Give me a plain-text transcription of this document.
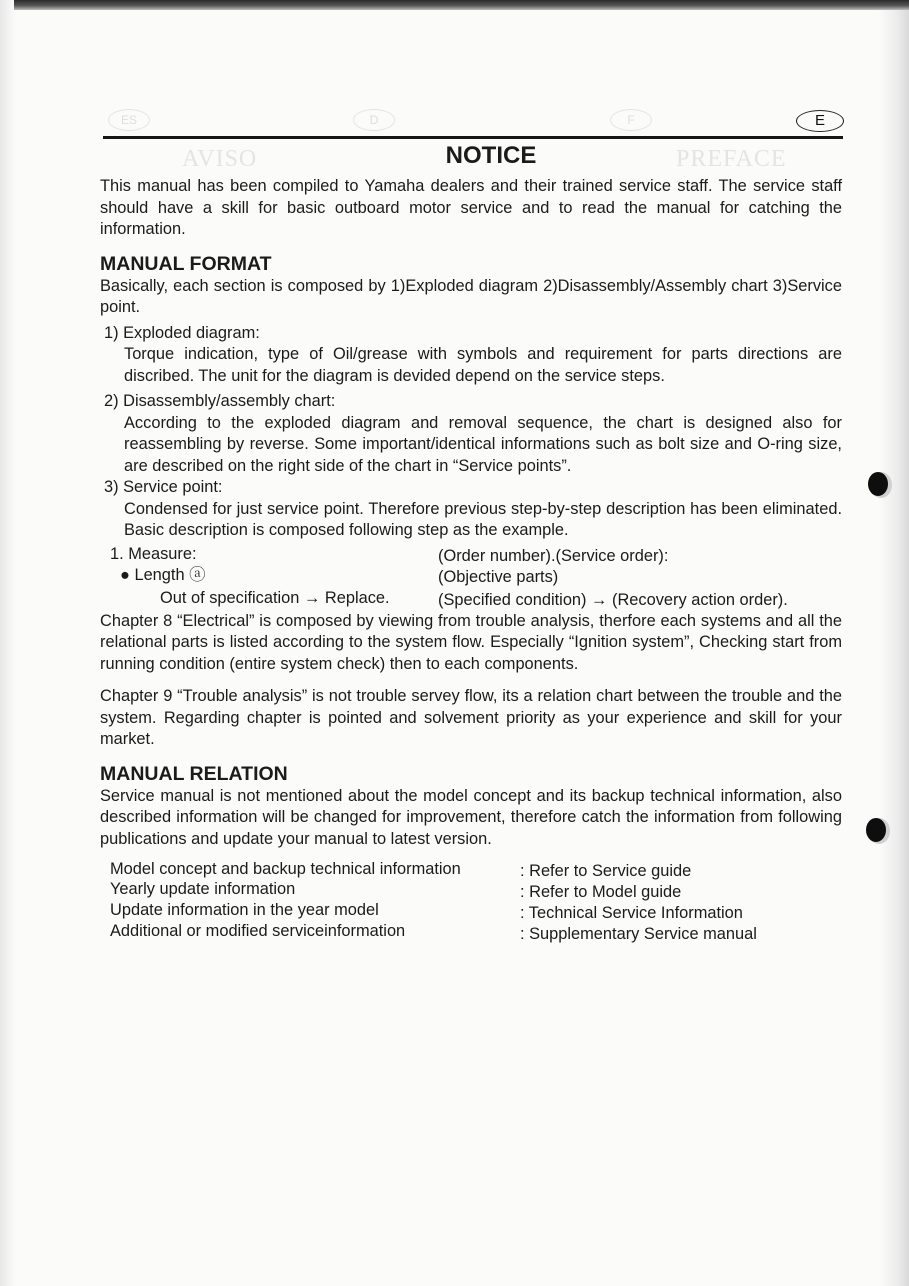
ES	D	F	E
AVISO	PREFACE
NOTICE

This manual has been compiled to Yamaha dealers and their trained service staff. The service staff should have a skill for basic outboard motor service and to read the manual for catching the information.

MANUAL FORMAT

Basically, each section is composed by 1)Exploded diagram 2)Disassembly/Assembly chart 3)Service point.

1) Exploded diagram:
Torque indication, type of Oil/grease with symbols and requirement for parts directions are discribed. The unit for the diagram is devided depend on the service steps.
2) Disassembly/assembly chart:
According to the exploded diagram and removal sequence, the chart is designed also for reassembling by reverse. Some important/identical informations such as bolt size and O-ring size, are described on the right side of the chart in “Service points”.
3) Service point:
Condensed for just service point. Therefore previous step-by-step description has been eliminated. Basic description is composed following step as the example.
1. Measure:	(Order number).(Service order):
● Length ⓐ	(Objective parts)
Out of specification → Replace.	(Specified condition) → (Recovery action order).

Chapter 8 “Electrical” is composed by viewing from trouble analysis, therfore each systems and all the relational parts is listed according to the system flow. Especially “Ignition system”, Checking start from running condition (entire system check) then to each components.

Chapter 9 “Trouble analysis” is not trouble servey flow, its a relation chart between the trouble and the system. Regarding chapter is pointed and solvement priority as your experience and skill for your market.

MANUAL RELATION

Service manual is not mentioned about the model concept and its backup technical information, also described information will be changed for improvement, therefore catch the information from following publications and update your manual to latest version.

Model concept and backup technical information	: Refer to Service guide
Yearly update information	: Refer to Model guide
Update information in the year model	: Technical Service Information
Additional or modified serviceinformation	: Supplementary Service manual
